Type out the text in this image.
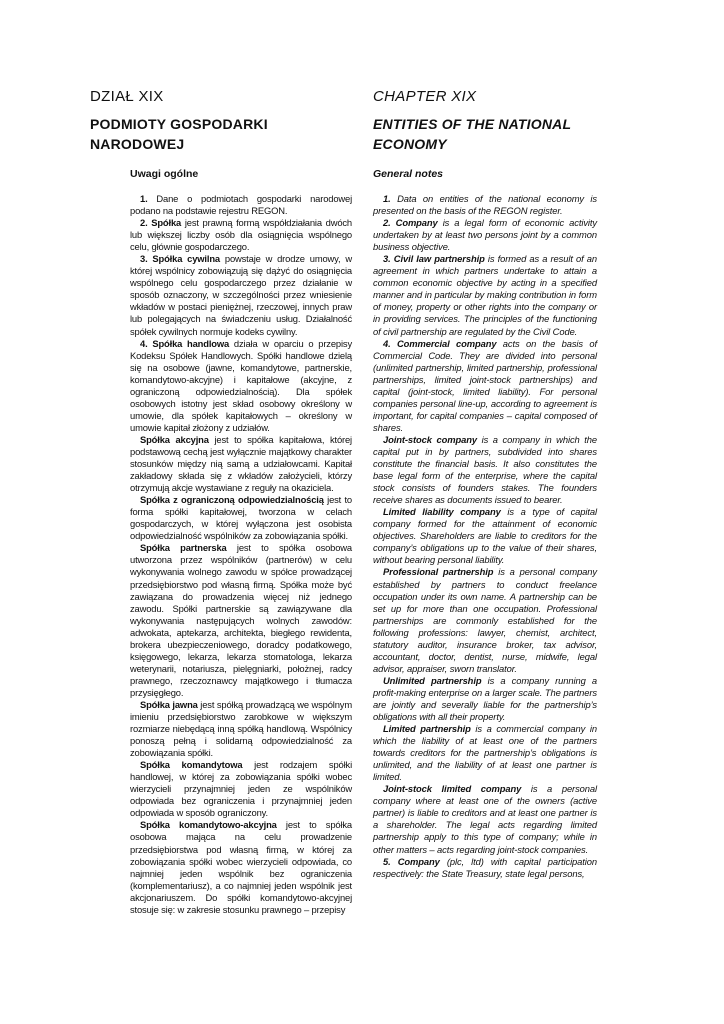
DZIAŁ XIX
PODMIOTY GOSPODARKI
NARODOWEJ
Uwagi ogólne

1. Dane o podmiotach gospodarki narodowej podano na podstawie rejestru REGON.

2. Spółka jest prawną formą współdziałania dwóch lub większej liczby osób dla osiągnięcia wspólnego celu, głównie gospodarczego.

3. Spółka cywilna powstaje w drodze umowy, w której wspólnicy zobowiązują się dążyć do osiągnięcia wspólnego celu gospodarczego przez działanie w sposób oznaczony, w szczególności przez wniesienie wkładów w postaci pieniężnej, rzeczowej, innych praw lub polegających na świadczeniu usług. Działalność spółek cywilnych normuje kodeks cywilny.

4. Spółka handlowa działa w oparciu o przepisy Kodeksu Spółek Handlowych. Spółki handlowe dzielą się na osobowe (jawne, komandytowe, partnerskie, komandytowo-akcyjne) i kapitałowe (akcyjne, z ograniczoną odpowiedzialnością). Dla spółek osobowych istotny jest skład osobowy określony w umowie, dla spółek kapitałowych – określony w umowie kapitał złożony z udziałów.

Spółka akcyjna jest to spółka kapitałowa, której podstawową cechą jest wyłącznie majątkowy charakter stosunków między nią samą a udziałowcami. Kapitał zakładowy składa się z wkładów założycieli, którzy otrzymują akcje wystawiane z reguły na okaziciela.

Spółka z ograniczoną odpowiedzialnością jest to forma spółki kapitałowej, tworzona w celach gospodarczych, w której wyłączona jest osobista odpowiedzialność wspólników za zobowiązania spółki.

Spółka partnerska jest to spółka osobowa utworzona przez wspólników (partnerów) w celu wykonywania wolnego zawodu w spółce prowadzącej przedsiębiorstwo pod własną firmą. Spółka może być zawiązana do prowadzenia więcej niż jednego zawodu. Spółki partnerskie są zawiązywane dla wykonywania następujących wolnych zawodów: adwokata, aptekarza, architekta, biegłego rewidenta, brokera ubezpieczeniowego, doradcy podatkowego, księgowego, lekarza, lekarza stomatologa, lekarza weterynarii, notariusza, pielęgniarki, położnej, radcy prawnego, rzeczoznawcy majątkowego i tłumacza przysięgłego.

Spółka jawna jest spółką prowadzącą we wspólnym imieniu przedsiębiorstwo zarobkowe w większym rozmiarze niebędącą inną spółką handlową. Wspólnicy ponoszą pełną i solidarną odpowiedzialność za zobowiązania spółki.

Spółka komandytowa jest rodzajem spółki handlowej, w której za zobowiązania spółki wobec wierzycieli przynajmniej jeden ze wspólników odpowiada bez ograniczenia i przynajmniej jeden odpowiada w sposób ograniczony.

Spółka komandytowo-akcyjna jest to spółka osobowa mająca na celu prowadzenie przedsiębiorstwa pod własną firmą, w której za zobowiązania spółki wobec wierzycieli odpowiada, co najmniej jeden wspólnik bez ograniczenia (komplementariusz), a co najmniej jeden wspólnik jest akcjonariuszem. Do spółki komandytowo-akcyjnej stosuje się: w zakresie stosunku prawnego – przepisy

CHAPTER XIX
ENTITIES OF THE NATIONAL
ECONOMY
General notes

1. Data on entities of the national economy is presented on the basis of the REGON register.

2. Company is a legal form of economic activity undertaken by at least two persons joint by a common business objective.

3. Civil law partnership is formed as a result of an agreement in which partners undertake to attain a common economic objective by acting in a specified manner and in particular by making contribution in form of money, property or other rights into the company or in providing services. The principles of the functioning of civil partnership are regulated by the Civil Code.

4. Commercial company acts on the basis of Commercial Code. They are divided into personal (unlimited partnership, limited partnership, professional partnerships, limited joint-stock partnerships) and capital (joint-stock, limited liability). For personal companies personal line-up, according to agreement is important, for capital companies – capital composed of shares.

Joint-stock company is a company in which the capital put in by partners, subdivided into shares constitute the financial basis. It also constitutes the base legal form of the enterprise, where the capital stock consists of founders stakes. The founders receive shares as documents issued to bearer.

Limited liability company is a type of capital company formed for the attainment of economic objectives. Shareholders are liable to creditors for the company’s obligations up to the value of their shares, without bearing personal liability.

Professional partnership is a personal company established by partners to conduct freelance occupation under its own name. A partnership can be set up for more than one occupation. Professional partnerships are commonly established for the following professions: lawyer, chemist, architect, statutory auditor, insurance broker, tax advisor, accountant, doctor, dentist, nurse, midwife, legal advisor, appraiser, sworn translator.

Unlimited partnership is a company running a profit-making enterprise on a larger scale. The partners are jointly and severally liable for the partnership’s obligations with all their property.

Limited partnership is a commercial company in which the liability of at least one of the partners towards creditors for the partnership’s obligations is unlimited, and the liability of at least one partner is limited.

Joint-stock limited company is a personal company where at least one of the owners (active partner) is liable to creditors and at least one partner is a shareholder. The legal acts regarding limited partnership apply to this type of company; while in other matters – acts regarding joint-stock companies.

5. Company (plc, ltd) with capital participation respectively: the State Treasury, state legal persons,
